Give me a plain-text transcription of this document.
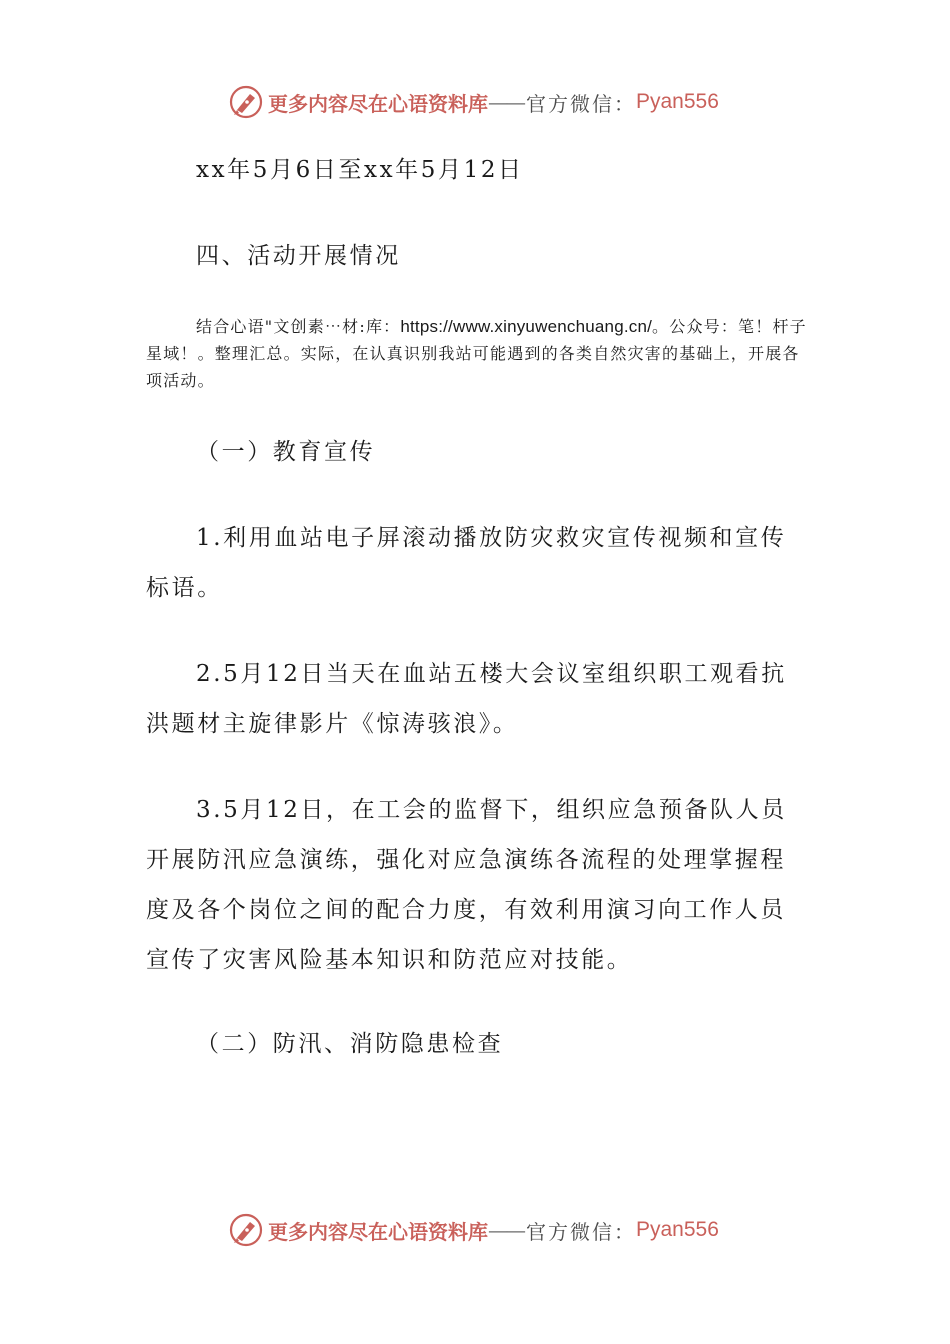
更多内容尽在心语资料库 —— 官方微信： Pyan556

xx年5月6日至xx年5月12日

四、活动开展情况

结合心语"文创素⋯材:库：https://www.xinyuwenchuang.cn/。公众号：笔！杆子星域！。整理汇总。实际，在认真识别我站可能遇到的各类自然灾害的基础上，开展各项活动。

（一）教育宣传

1.利用血站电子屏滚动播放防灾救灾宣传视频和宣传标语。

2.5月12日当天在血站五楼大会议室组织职工观看抗洪题材主旋律影片《惊涛骇浪》。

3.5月12日，在工会的监督下，组织应急预备队人员开展防汛应急演练，强化对应急演练各流程的处理掌握程度及各个岗位之间的配合力度，有效利用演习向工作人员宣传了灾害风险基本知识和防范应对技能。

（二）防汛、消防隐患检查

更多内容尽在心语资料库 —— 官方微信： Pyan556
